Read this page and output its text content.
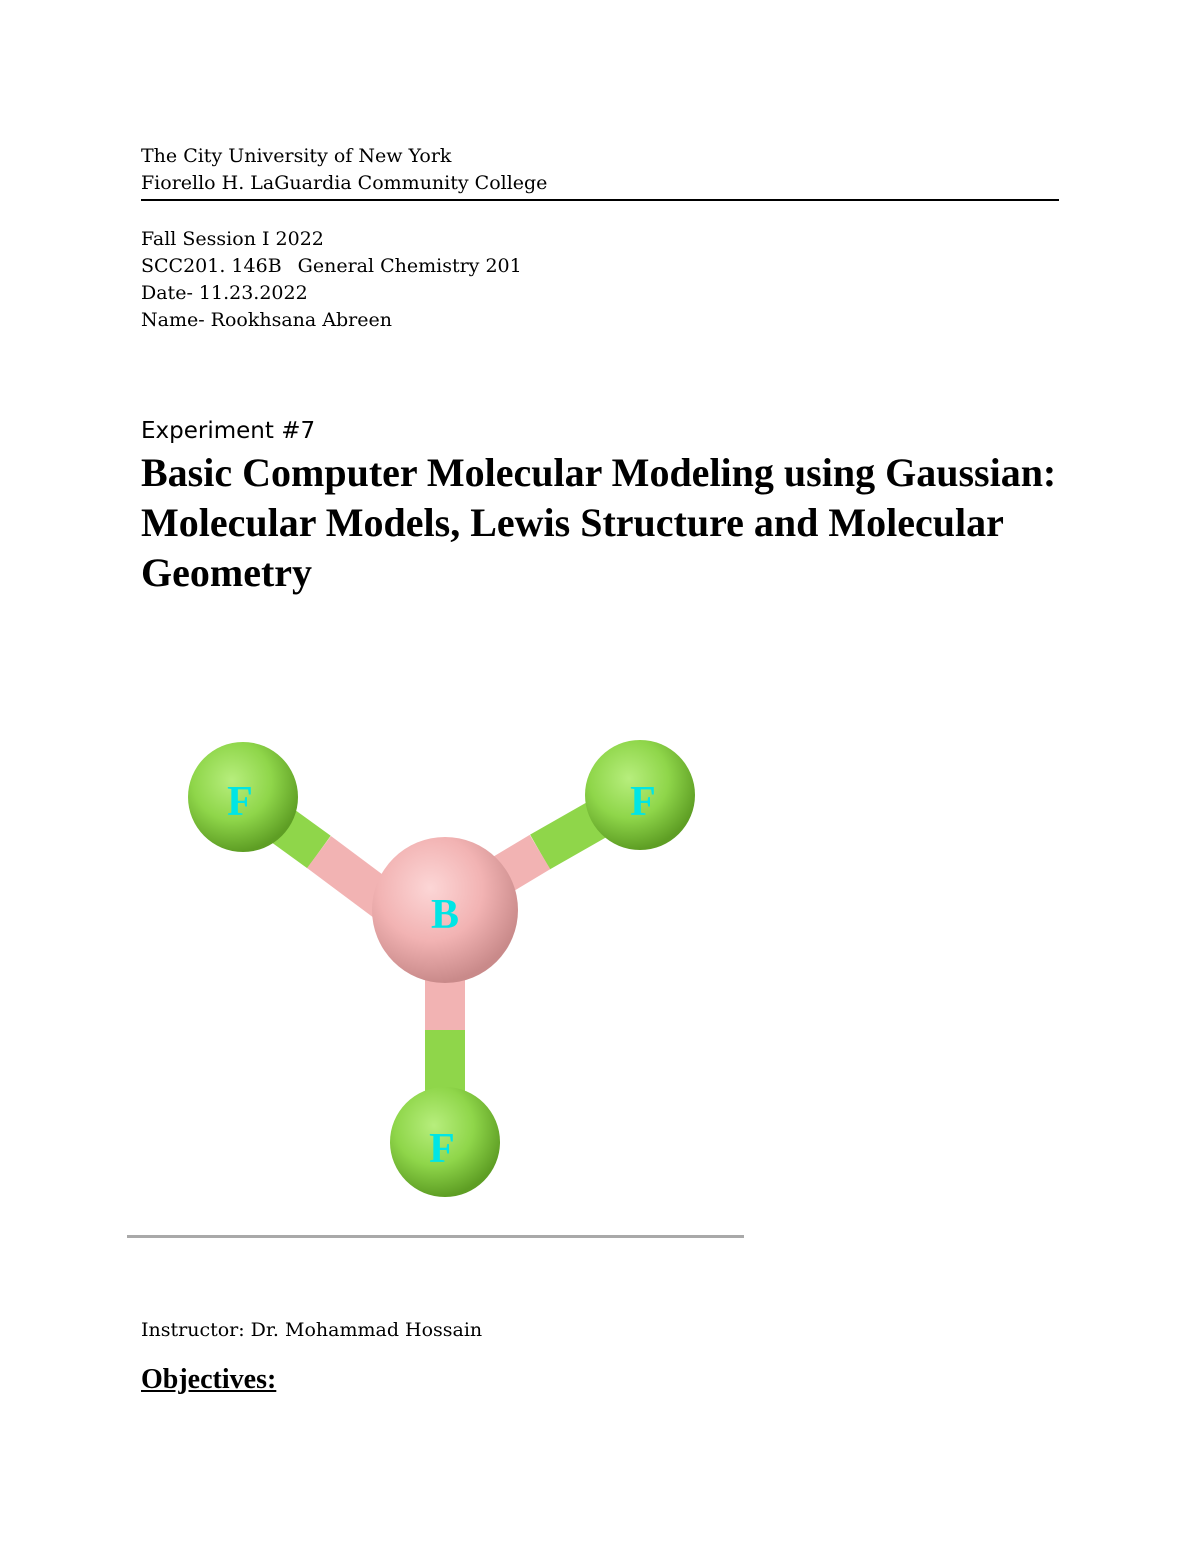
The City University of New York
Fiorello H. LaGuardia Community College
Fall Session I 2022
SCC201. 146B General Chemistry 201
Date- 11.23.2022
Name- Rookhsana Abreen
Experiment #7
Basic Computer Molecular Modeling using Gaussian: Molecular Models, Lewis Structure and Molecular Geometry
F	F
B
F
Instructor: Dr. Mohammad Hossain
Objectives:
